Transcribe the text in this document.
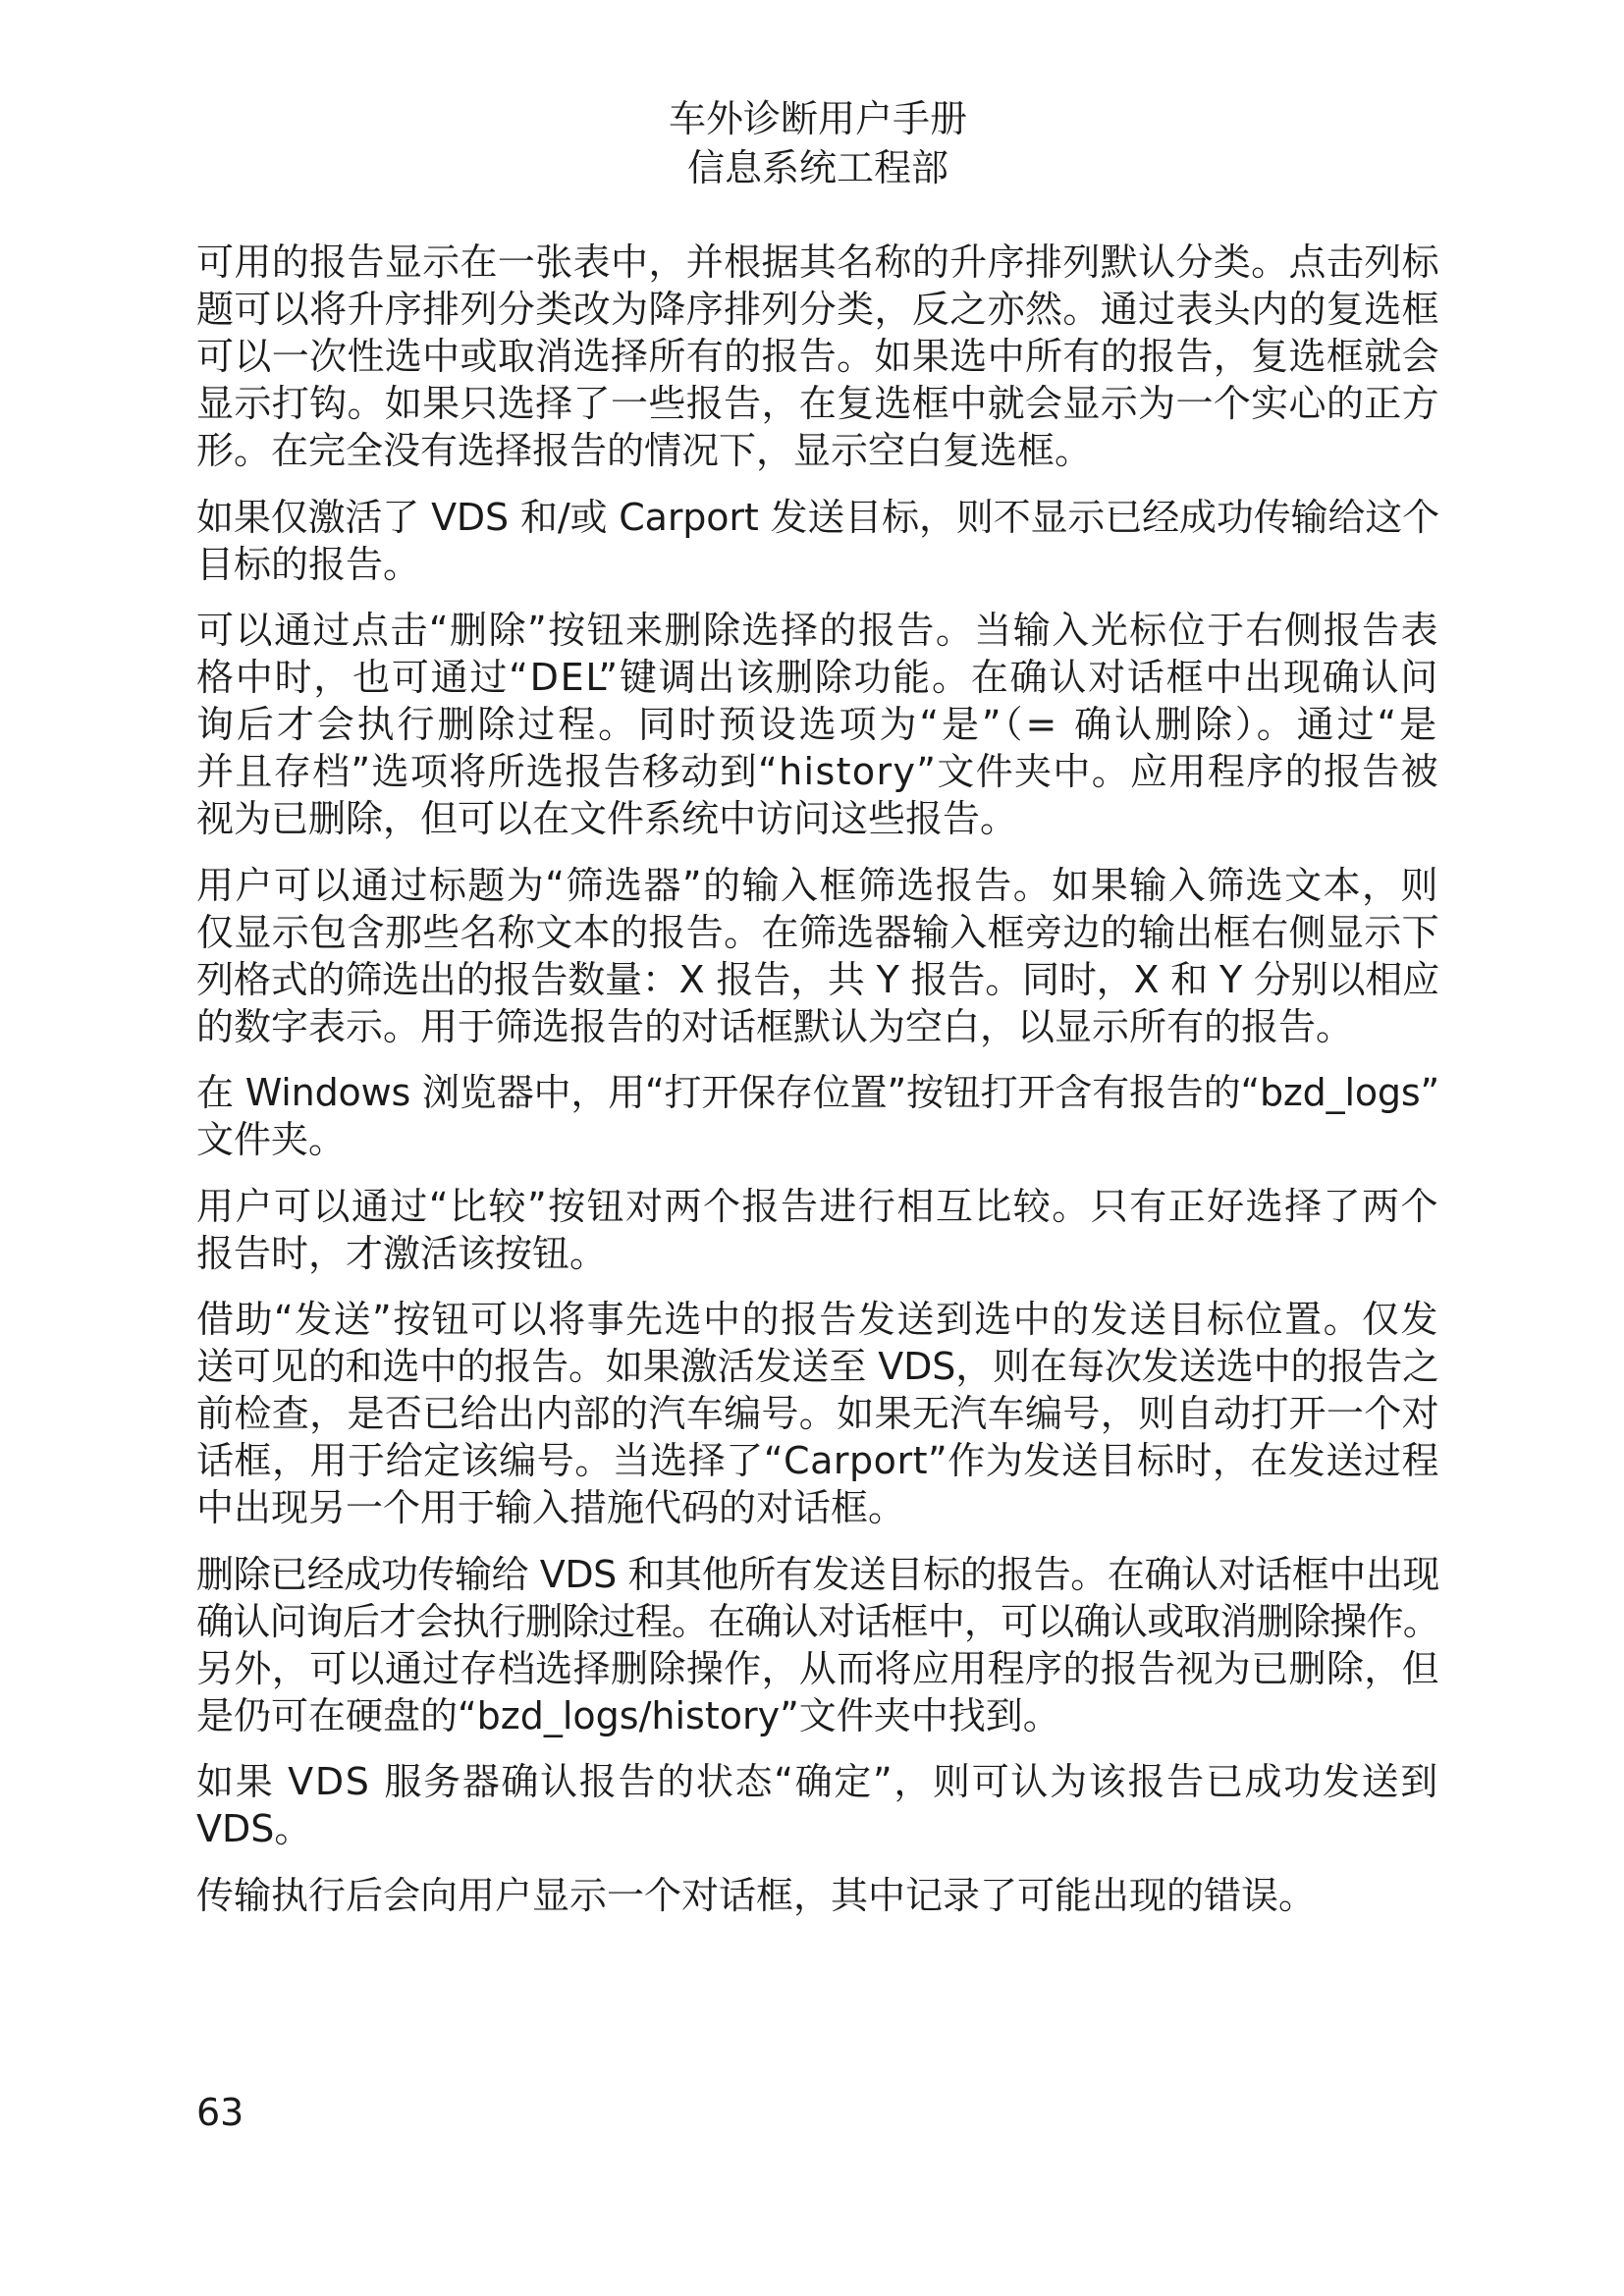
车外诊断用户手册
信息系统工程部
可用的报告显示在一张表中，并根据其名称的升序排列默认分类。点击列标
题可以将升序排列分类改为降序排列分类，反之亦然。通过表头内的复选框
可以一次性选中或取消选择所有的报告。如果选中所有的报告，复选框就会
显示打钩。如果只选择了一些报告，在复选框中就会显示为一个实心的正方
形。在完全没有选择报告的情况下，显示空白复选框。
如果仅激活了 VDS 和/或 Carport 发送目标，则不显示已经成功传输给这个
目标的报告。
可以通过点击“删除”按钮来删除选择的报告。当输入光标位于右侧报告表
格中时，也可通过“DEL”键调出该删除功能。在确认对话框中出现确认问
询后才会执行删除过程。同时预设选项为“是”（= 确认删除）。通过“是
并且存档”选项将所选报告移动到“history”文件夹中。应用程序的报告被
视为已删除，但可以在文件系统中访问这些报告。
用户可以通过标题为“筛选器”的输入框筛选报告。如果输入筛选文本，则
仅显示包含那些名称文本的报告。在筛选器输入框旁边的输出框右侧显示下
列格式的筛选出的报告数量：X 报告，共 Y 报告。同时，X 和 Y 分别以相应
的数字表示。用于筛选报告的对话框默认为空白，以显示所有的报告。
在 Windows 浏览器中，用“打开保存位置”按钮打开含有报告的“bzd_logs”
文件夹。
用户可以通过“比较”按钮对两个报告进行相互比较。只有正好选择了两个
报告时，才激活该按钮。
借助“发送”按钮可以将事先选中的报告发送到选中的发送目标位置。仅发
送可见的和选中的报告。如果激活发送至 VDS，则在每次发送选中的报告之
前检查，是否已给出内部的汽车编号。如果无汽车编号，则自动打开一个对
话框，用于给定该编号。当选择了“Carport”作为发送目标时，在发送过程
中出现另一个用于输入措施代码的对话框。
删除已经成功传输给 VDS 和其他所有发送目标的报告。在确认对话框中出现
确认问询后才会执行删除过程。在确认对话框中，可以确认或取消删除操作。
另外，可以通过存档选择删除操作，从而将应用程序的报告视为已删除，但
是仍可在硬盘的“bzd_logs/history”文件夹中找到。
如果 VDS 服务器确认报告的状态“确定”，则可认为该报告已成功发送到
VDS。
传输执行后会向用户显示一个对话框，其中记录了可能出现的错误。
63
